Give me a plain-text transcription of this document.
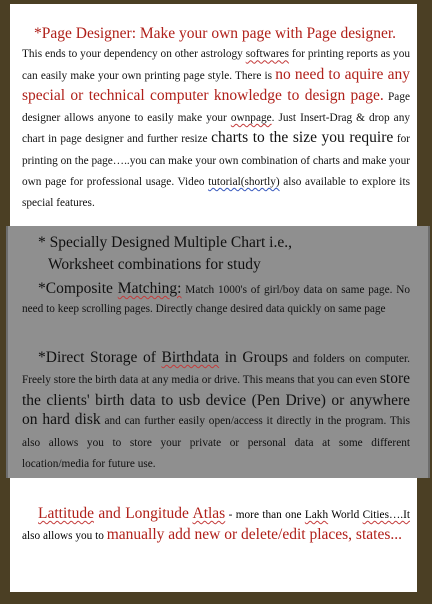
*Page Designer: Make your own page with Page designer. This ends to your dependency on other astrology softwares for printing reports as you can easily make your own printing page style. There is no need to aquire any special or technical computer knowledge to design page. Page designer allows anyone to easily make your ownpage. Just Insert-Drag & drop any chart in page designer and further resize charts to the size you require for printing on the page…..you can make your own combination of charts and make your own page for professional usage. Video tutorial(shortly) also available to explore its special features.

* Specially Designed Multiple Chart i.e.,
Worksheet combinations for study

*Composite Matching: Match 1000's of girl/boy data on same page. No need to keep scrolling pages. Directly change desired data quickly on same page

*Direct Storage of Birthdata in Groups and folders on computer. Freely store the birth data at any media or drive. This means that you can even store the clients' birth data to usb device (Pen Drive) or anywhere on hard disk and can further easily open/access it directly in the program. This also allows you to store your private or personal data at some different location/media for future use.

Lattitude and Longitude Atlas - more than one Lakh World Cities….It also allows you to manually add new or delete/edit places, states...
